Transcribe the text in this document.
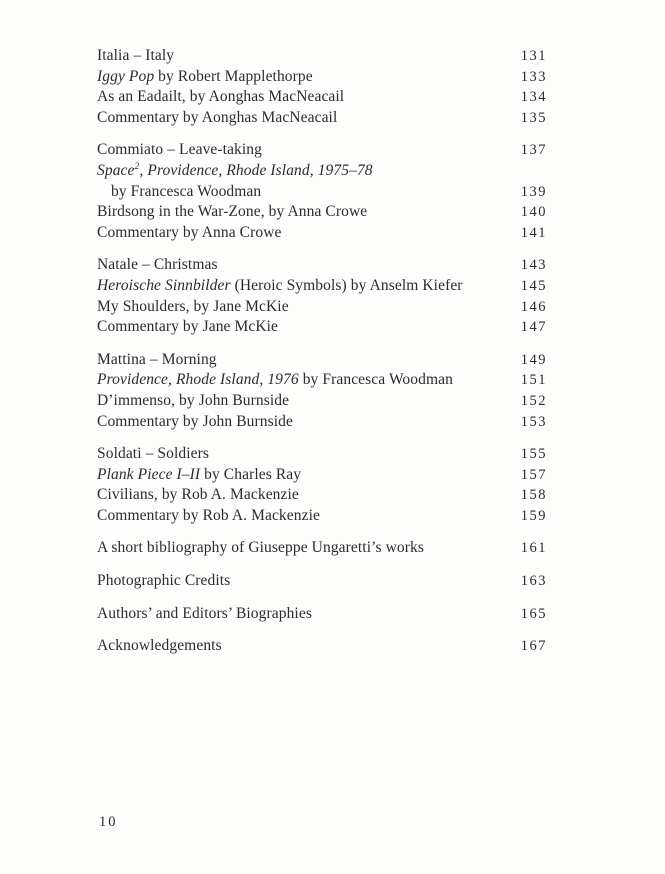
Italia – Italy	131
Iggy Pop by Robert Mapplethorpe	133
As an Eadailt, by Aonghas MacNeacail	134
Commentary by Aonghas MacNeacail	135
Commiato – Leave-taking	137
Space$^2$, Providence, Rhode Island, 1975–78
by Francesca Woodman	139
Birdsong in the War-Zone, by Anna Crowe	140
Commentary by Anna Crowe	141
Natale – Christmas	143
Heroische Sinnbilder (Heroic Symbols) by Anselm Kiefer	145
My Shoulders, by Jane McKie	146
Commentary by Jane McKie	147
Mattina – Morning	149
Providence, Rhode Island, 1976 by Francesca Woodman	151
D’immenso, by John Burnside	152
Commentary by John Burnside	153
Soldati – Soldiers	155
Plank Piece I–II by Charles Ray	157
Civilians, by Rob A. Mackenzie	158
Commentary by Rob A. Mackenzie	159
A short bibliography of Giuseppe Ungaretti’s works	161
Photographic Credits	163
Authors’ and Editors’ Biographies	165
Acknowledgements	167
10
